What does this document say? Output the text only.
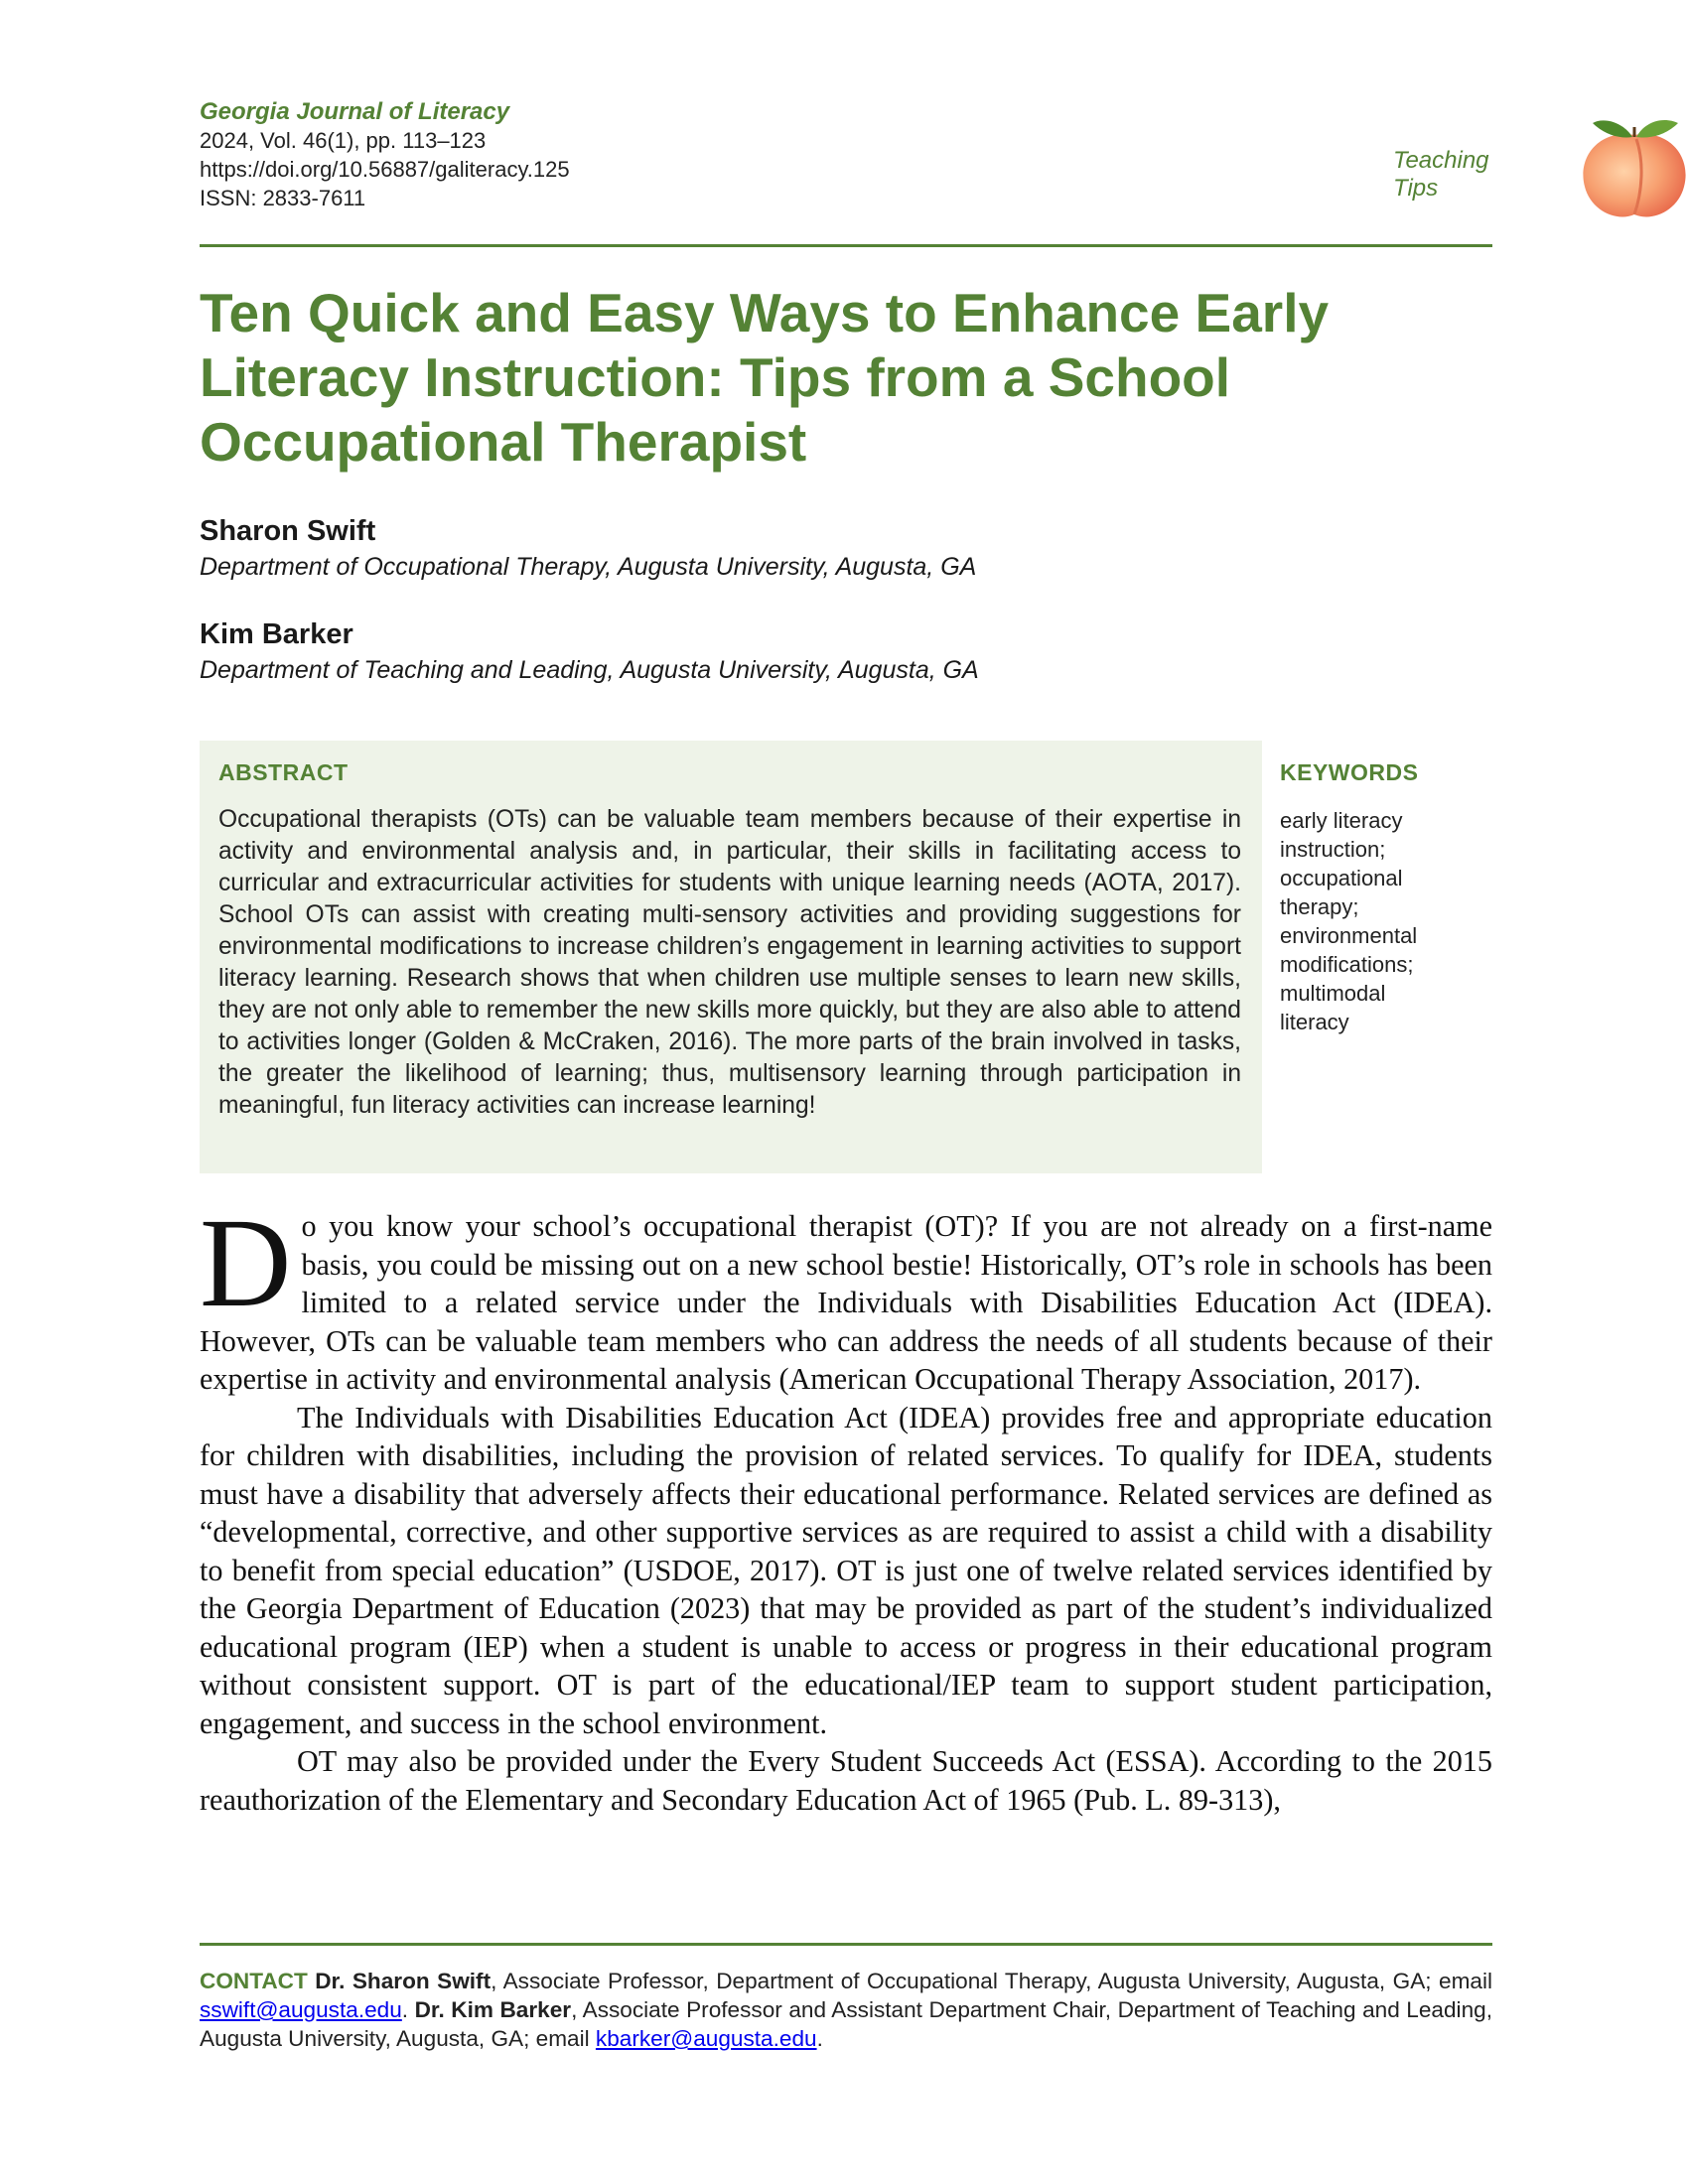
Georgia Journal of Literacy
2024, Vol. 46(1), pp. 113–123
https://doi.org/10.56887/galiteracy.125
ISSN: 2833-7611
Teaching Tips
Ten Quick and Easy Ways to Enhance Early Literacy Instruction: Tips from a School Occupational Therapist
Sharon Swift
Department of Occupational Therapy, Augusta University, Augusta, GA
Kim Barker
Department of Teaching and Leading, Augusta University, Augusta, GA
ABSTRACT
Occupational therapists (OTs) can be valuable team members because of their expertise in activity and environmental analysis and, in particular, their skills in facilitating access to curricular and extracurricular activities for students with unique learning needs (AOTA, 2017). School OTs can assist with creating multi-sensory activities and providing suggestions for environmental modifications to increase children’s engagement in learning activities to support literacy learning. Research shows that when children use multiple senses to learn new skills, they are not only able to remember the new skills more quickly, but they are also able to attend to activities longer (Golden & McCraken, 2016). The more parts of the brain involved in tasks, the greater the likelihood of learning; thus, multisensory learning through participation in meaningful, fun literacy activities can increase learning!
KEYWORDS
early literacy
instruction;
occupational
therapy;
environmental
modifications;
multimodal
literacy

Do you know your school’s occupational therapist (OT)? If you are not already on a first-name basis, you could be missing out on a new school bestie! Historically, OT’s role in schools has been limited to a related service under the Individuals with Disabilities Education Act (IDEA). However, OTs can be valuable team members who can address the needs of all students because of their expertise in activity and environmental analysis (American Occupational Therapy Association, 2017).

The Individuals with Disabilities Education Act (IDEA) provides free and appropriate education for children with disabilities, including the provision of related services. To qualify for IDEA, students must have a disability that adversely affects their educational performance. Related services are defined as “developmental, corrective, and other supportive services as are required to assist a child with a disability to benefit from special education” (USDOE, 2017). OT is just one of twelve related services identified by the Georgia Department of Education (2023) that may be provided as part of the student’s individualized educational program (IEP) when a student is unable to access or progress in their educational program without consistent support. OT is part of the educational/IEP team to support student participation, engagement, and success in the school environment.

OT may also be provided under the Every Student Succeeds Act (ESSA). According to the 2015 reauthorization of the Elementary and Secondary Education Act of 1965 (Pub. L. 89-313),

CONTACT Dr. Sharon Swift, Associate Professor, Department of Occupational Therapy, Augusta University, Augusta, GA; email sswift@augusta.edu. Dr. Kim Barker, Associate Professor and Assistant Department Chair, Department of Teaching and Leading, Augusta University, Augusta, GA; email kbarker@augusta.edu.
